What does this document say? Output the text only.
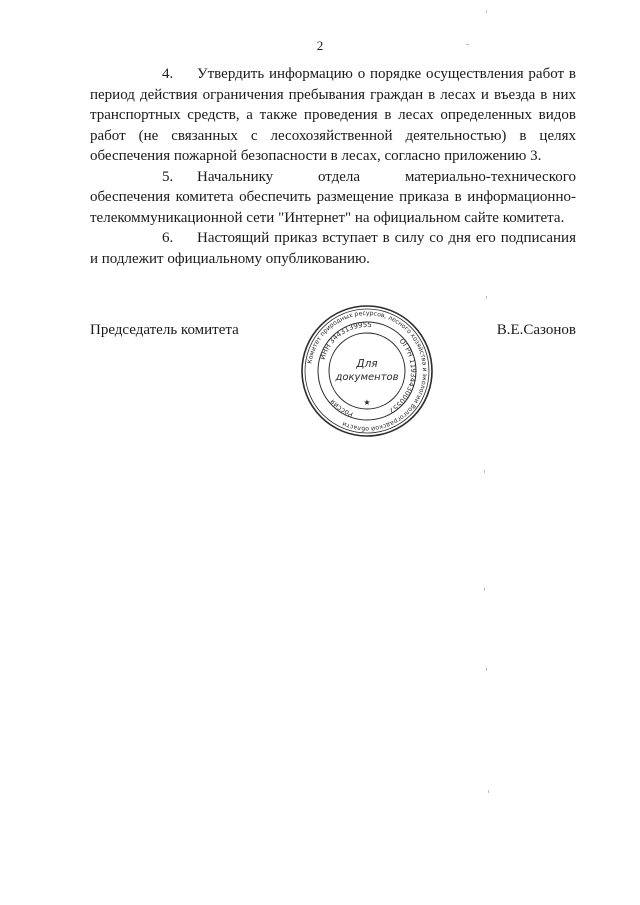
2

4. Утвердить информацию о порядке осуществления работ в период действия ограничения пребывания граждан в лесах и въезда в них транспортных средств, а также проведения в лесах определенных видов работ (не связанных с лесохозяйственной деятельностью) в целях обеспечения пожарной безопасности в лесах, согласно приложению 3.

5. Начальнику отдела материально-технического обеспечения комитета обеспечить размещение приказа в информационно-телекоммуникационной сети "Интернет" на официальном сайте комитета.

6. Настоящий приказ вступает в силу со дня его подписания и подлежит официальному опубликованию.

Председатель комитета	В.Е.Сазонов
Комитет природных ресурсов, лесного хозяйства и экологии Волгоградской области
ОГРН 1193443000557
ИНН 3443139955
Россия
Для
документов
★
